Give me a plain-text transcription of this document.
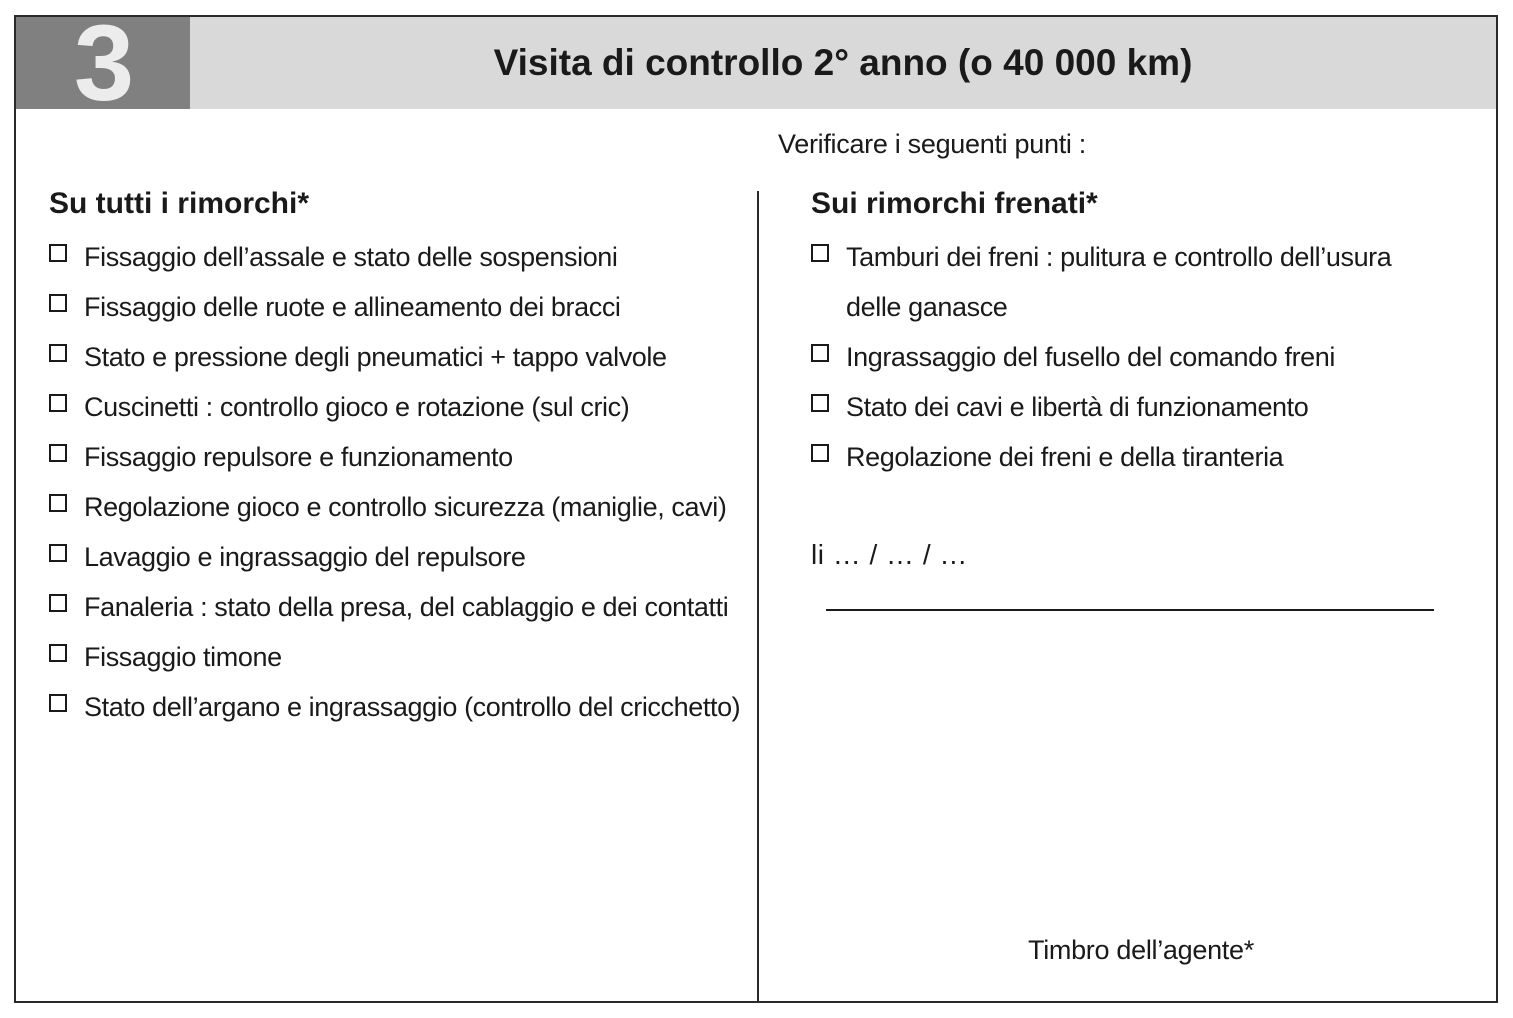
3	Visita di controllo 2° anno (o 40 000 km)
Verificare i seguenti punti :
Su tutti i rimorchi*
Fissaggio dell’assale e stato delle sospensioni
Fissaggio delle ruote e allineamento dei bracci
Stato e pressione degli pneumatici + tappo valvole
Cuscinetti : controllo gioco e rotazione (sul cric)
Fissaggio repulsore e funzionamento
Regolazione gioco e controllo sicurezza (maniglie, cavi)
Lavaggio e ingrassaggio del repulsore
Fanaleria : stato della presa, del cablaggio e dei contatti
Fissaggio timone
Stato dell’argano e ingrassaggio (controllo del cricchetto)
Sui rimorchi frenati*
Tamburi dei freni : pulitura e controllo dell’usura delle ganasce
Ingrassaggio del fusello del comando freni
Stato dei cavi e libertà di funzionamento
Regolazione dei freni e della tiranteria
li … / … / …
Timbro dell’agente*
